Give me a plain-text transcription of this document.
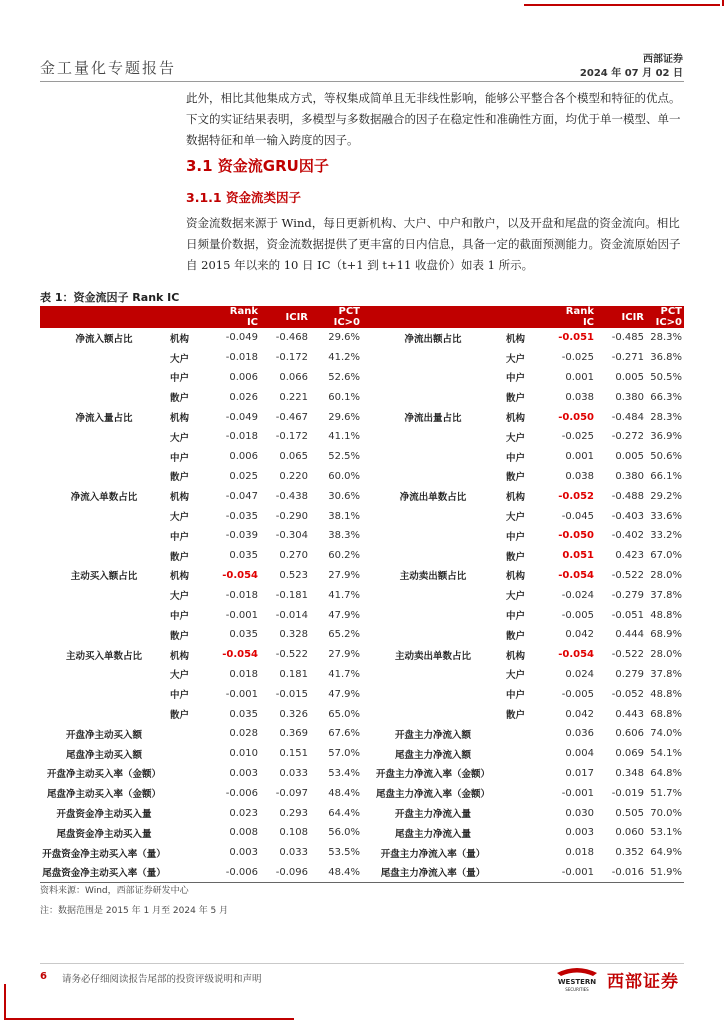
金工量化专题报告	西部证券
2024 年 07 月 02 日

此外，相比其他集成方式，等权集成简单且无非线性影响，能够公平整合各个模型和特征的优点。下文的实证结果表明，多模型与多数据融合的因子在稳定性和准确性方面，均优于单一模型、单一数据特征和单一输入跨度的因子。

3.1 资金流GRU因子
3.1.1 资金流类因子

资金流数据来源于 Wind，每日更新机构、大户、中户和散户，以及开盘和尾盘的资金流向。相比日频量价数据，资金流数据提供了更丰富的日内信息，具备一定的截面预测能力。资金流原始因子自 2015 年以来的 10 日 IC（t+1 到 t+11 收盘价）如表 1 所示。

表 1：资金流因子 Rank IC
		Rank IC	ICIR	PCT IC>0			Rank IC	ICIR	PCT IC>0
净流入额占比	机构	-0.049	-0.468	29.6%	净流出额占比	机构	-0.051	-0.485	28.3%
	大户	-0.018	-0.172	41.2%		大户	-0.025	-0.271	36.8%
	中户	0.006	0.066	52.6%		中户	0.001	0.005	50.5%
	散户	0.026	0.221	60.1%		散户	0.038	0.380	66.3%
净流入量占比	机构	-0.049	-0.467	29.6%	净流出量占比	机构	-0.050	-0.484	28.3%
	大户	-0.018	-0.172	41.1%		大户	-0.025	-0.272	36.9%
	中户	0.006	0.065	52.5%		中户	0.001	0.005	50.6%
	散户	0.025	0.220	60.0%		散户	0.038	0.380	66.1%
净流入单数占比	机构	-0.047	-0.438	30.6%	净流出单数占比	机构	-0.052	-0.488	29.2%
	大户	-0.035	-0.290	38.1%		大户	-0.045	-0.403	33.6%
	中户	-0.039	-0.304	38.3%		中户	-0.050	-0.402	33.2%
	散户	0.035	0.270	60.2%		散户	0.051	0.423	67.0%
主动买入额占比	机构	-0.054	0.523	27.9%	主动卖出额占比	机构	-0.054	-0.522	28.0%
	大户	-0.018	-0.181	41.7%		大户	-0.024	-0.279	37.8%
	中户	-0.001	-0.014	47.9%		中户	-0.005	-0.051	48.8%
	散户	0.035	0.328	65.2%		散户	0.042	0.444	68.9%
主动买入单数占比	机构	-0.054	-0.522	27.9%	主动卖出单数占比	机构	-0.054	-0.522	28.0%
	大户	0.018	0.181	41.7%		大户	0.024	0.279	37.8%
	中户	-0.001	-0.015	47.9%		中户	-0.005	-0.052	48.8%
	散户	0.035	0.326	65.0%		散户	0.042	0.443	68.8%
开盘净主动买入额		0.028	0.369	67.6%	开盘主力净流入额		0.036	0.606	74.0%
尾盘净主动买入额		0.010	0.151	57.0%	尾盘主力净流入额		0.004	0.069	54.1%
开盘净主动买入率（金额）		0.003	0.033	53.4%	开盘主力净流入率（金额）		0.017	0.348	64.8%
尾盘净主动买入率（金额）		-0.006	-0.097	48.4%	尾盘主力净流入率（金额）		-0.001	-0.019	51.7%
开盘资金净主动买入量		0.023	0.293	64.4%	开盘主力净流入量		0.030	0.505	70.0%
尾盘资金净主动买入量		0.008	0.108	56.0%	尾盘主力净流入量		0.003	0.060	53.1%
开盘资金净主动买入率（量）		0.003	0.033	53.5%	开盘主力净流入率（量）		0.018	0.352	64.9%
尾盘资金净主动买入率（量）		-0.006	-0.096	48.4%	尾盘主力净流入率（量）		-0.001	-0.016	51.9%
资料来源：Wind，西部证券研发中心
注：数据范围是 2015 年 1 月至 2024 年 5 月
6 请务必仔细阅读报告尾部的投资评级说明和声明	WESTERN
SECURITIES 西部证券
